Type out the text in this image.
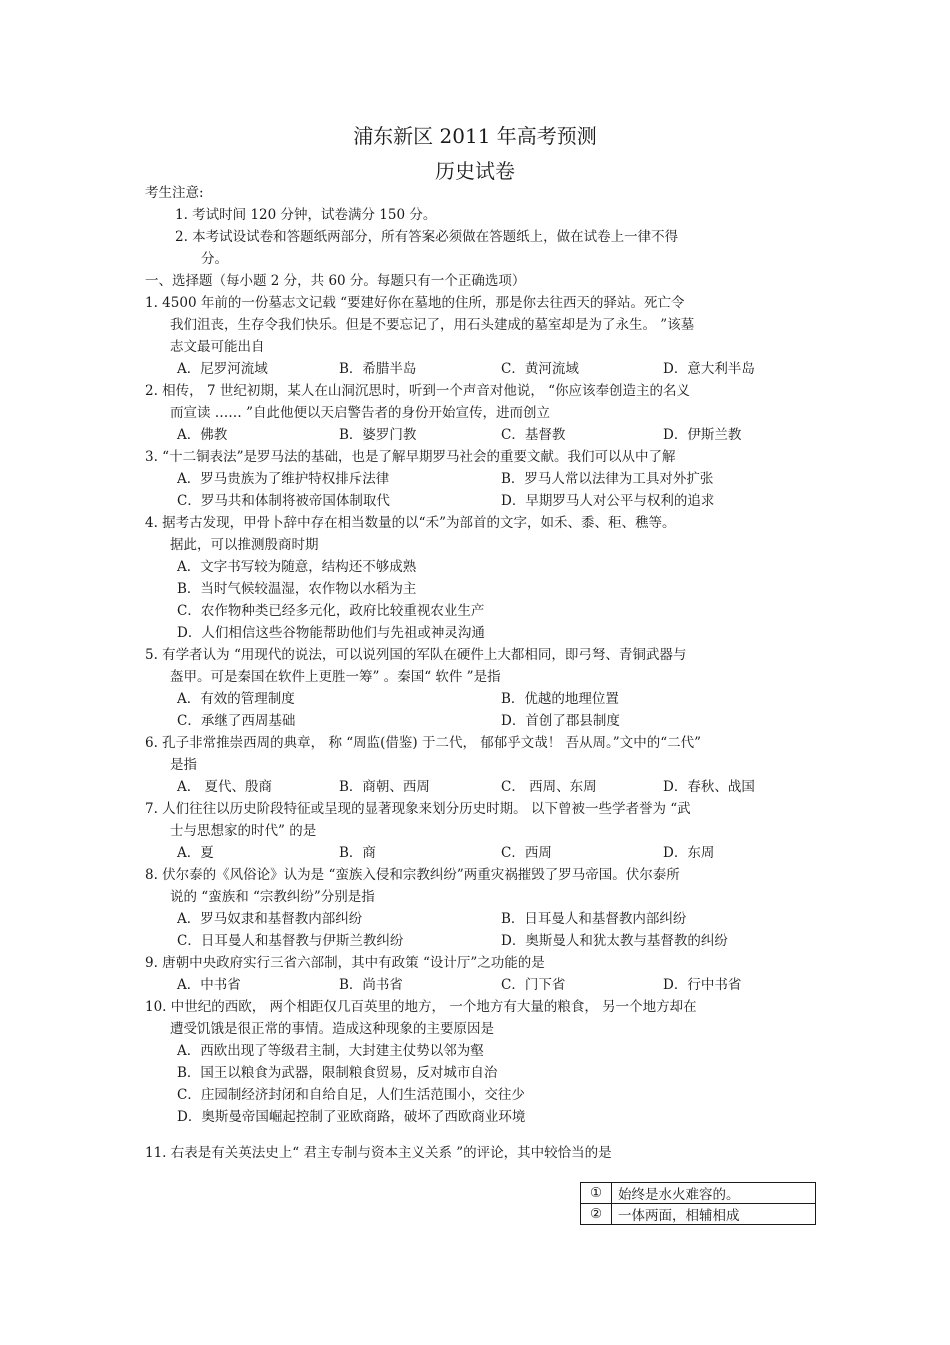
浦东新区 2011 年高考预测
历史试卷
考生注意:
1. 考试时间 120 分钟，试卷满分 150 分。
2. 本考试设试卷和答题纸两部分，所有答案必须做在答题纸上，做在试卷上一律不得
分。
一、选择题（每小题 2 分，共 60 分。每题只有一个正确选项）
1. 4500 年前的一份墓志文记载 “要建好你在墓地的住所，那是你去往西天的驿站。死亡令
我们沮丧，生存令我们快乐。但是不要忘记了，用石头建成的墓室却是为了永生。 ”该墓
志文最可能出自
A．尼罗河流域	B．希腊半岛	C．黄河流域	D．意大利半岛
2. 相传， 7 世纪初期，某人在山洞沉思时，听到一个声音对他说， “你应该奉创造主的名义
而宣读 …… ”自此他便以天启警告者的身份开始宣传，进而创立
A．佛教	B．婆罗门教	C．基督教	D．伊斯兰教
3. “十二铜表法”是罗马法的基础，也是了解早期罗马社会的重要文献。我们可以从中了解
A．罗马贵族为了维护特权排斥法律	B．罗马人常以法律为工具对外扩张
C．罗马共和体制将被帝国体制取代	D．早期罗马人对公平与权利的追求
4. 据考古发现，甲骨卜辞中存在相当数量的以“禾”为部首的文字，如禾、黍、秬、穛等。
据此，可以推测殷商时期
A．文字书写较为随意，结构还不够成熟
B．当时气候较温湿，农作物以水稻为主
C．农作物种类已经多元化，政府比较重视农业生产
D．人们相信这些谷物能帮助他们与先祖或神灵沟通
5. 有学者认为 “用现代的说法，可以说列国的军队在硬件上大都相同，即弓弩、青铜武器与
盔甲。可是秦国在软件上更胜一筹” 。秦国“ 软件 ”是指
A．有效的管理制度	B．优越的地理位置
C．承继了西周基础	D．首创了郡县制度
6. 孔子非常推崇西周的典章， 称 “周监(借鉴) 于二代， 郁郁乎文哉！ 吾从周。”文中的“二代”
是指
A． 夏代、殷商	B．商朝、西周	C． 西周、东周	D．春秋、战国
7. 人们往往以历史阶段特征或呈现的显著现象来划分历史时期。 以下曾被一些学者誉为 “武
士与思想家的时代” 的是
A．夏	B．商	C．西周	D．东周
8. 伏尔泰的《风俗论》认为是 “蛮族入侵和宗教纠纷”两重灾祸摧毁了罗马帝国。伏尔泰所
说的 “蛮族和 “宗教纠纷”分别是指
A．罗马奴隶和基督教内部纠纷	B．日耳曼人和基督教内部纠纷
C．日耳曼人和基督教与伊斯兰教纠纷	D．奥斯曼人和犹太教与基督教的纠纷
9. 唐朝中央政府实行三省六部制，其中有政策 “设计厅”之功能的是
A．中书省	B．尚书省	C．门下省	D．行中书省
10. 中世纪的西欧， 两个相距仅几百英里的地方， 一个地方有大量的粮食， 另一个地方却在
遭受饥饿是很正常的事情。造成这种现象的主要原因是
A．西欧出现了等级君主制，大封建主仗势以邻为壑
B．国王以粮食为武器，限制粮食贸易，反对城市自治
C．庄园制经济封闭和自给自足，人们生活范围小，交往少
D．奥斯曼帝国崛起控制了亚欧商路，破坏了西欧商业环境
11. 右表是有关英法史上“ 君主专制与资本主义关系 ”的评论，其中较恰当的是
①	始终是水火难容的。
②	一体两面，相辅相成
